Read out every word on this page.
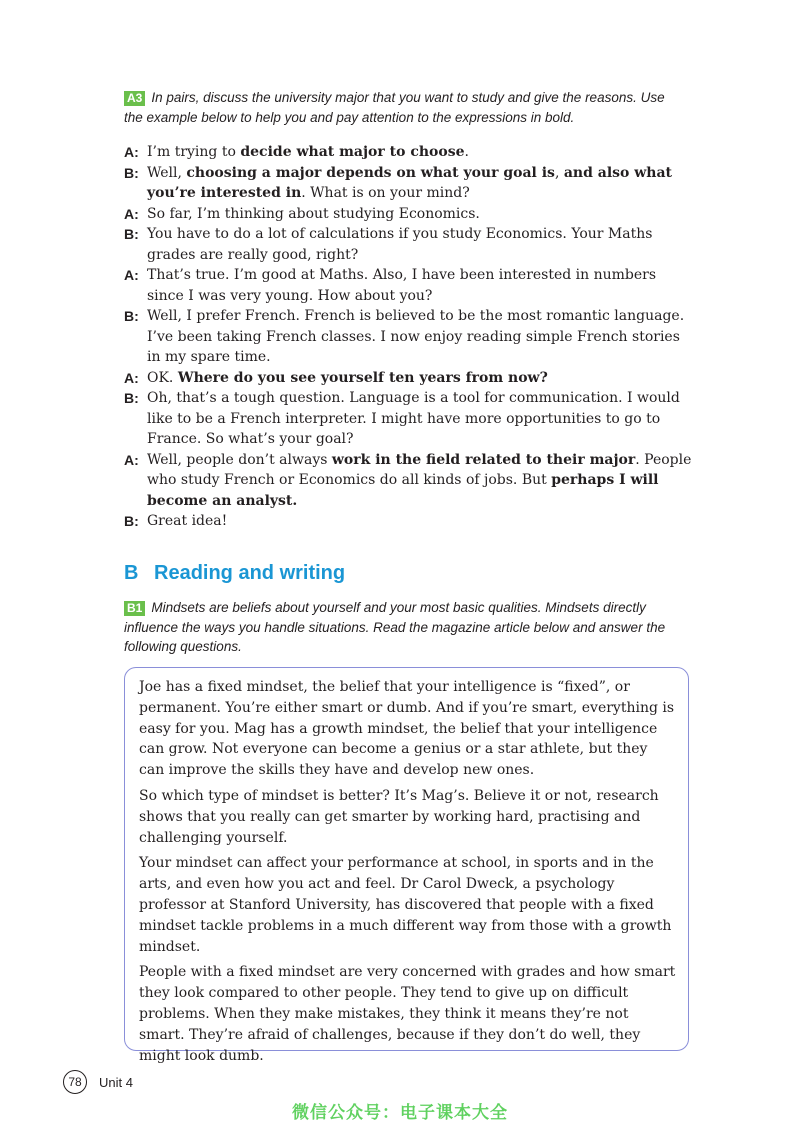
A3 In pairs, discuss the university major that you want to study and give the reasons. Use the example below to help you and pay attention to the expressions in bold.
A: I’m trying to decide what major to choose.
B: Well, choosing a major depends on what your goal is, and also what you’re interested in. What is on your mind?
A: So far, I’m thinking about studying Economics.
B: You have to do a lot of calculations if you study Economics. Your Maths grades are really good, right?
A: That’s true. I’m good at Maths. Also, I have been interested in numbers since I was very young. How about you?
B: Well, I prefer French. French is believed to be the most romantic language. I’ve been taking French classes. I now enjoy reading simple French stories in my spare time.
A: OK. Where do you see yourself ten years from now?
B: Oh, that’s a tough question. Language is a tool for communication. I would like to be a French interpreter. I might have more opportunities to go to France. So what’s your goal?
A: Well, people don’t always work in the field related to their major. People who study French or Economics do all kinds of jobs. But perhaps I will become an analyst.
B: Great idea!
B Reading and writing
B1 Mindsets are beliefs about yourself and your most basic qualities. Mindsets directly influence the ways you handle situations. Read the magazine article below and answer the following questions.

Joe has a fixed mindset, the belief that your intelligence is “fixed”, or permanent. You’re either smart or dumb. And if you’re smart, everything is easy for you. Mag has a growth mindset, the belief that your intelligence can grow. Not everyone can become a genius or a star athlete, but they can improve the skills they have and develop new ones.

So which type of mindset is better? It’s Mag’s. Believe it or not, research shows that you really can get smarter by working hard, practising and challenging yourself.

Your mindset can affect your performance at school, in sports and in the arts, and even how you act and feel. Dr Carol Dweck, a psychology professor at Stanford University, has discovered that people with a fixed mindset tackle problems in a much different way from those with a growth mindset.

People with a fixed mindset are very concerned with grades and how smart they look compared to other people. They tend to give up on difficult problems. When they make mistakes, they think it means they’re not smart. They’re afraid of challenges, because if they don’t do well, they might look dumb.

78	Unit 4
微信公众号：电子课本大全
